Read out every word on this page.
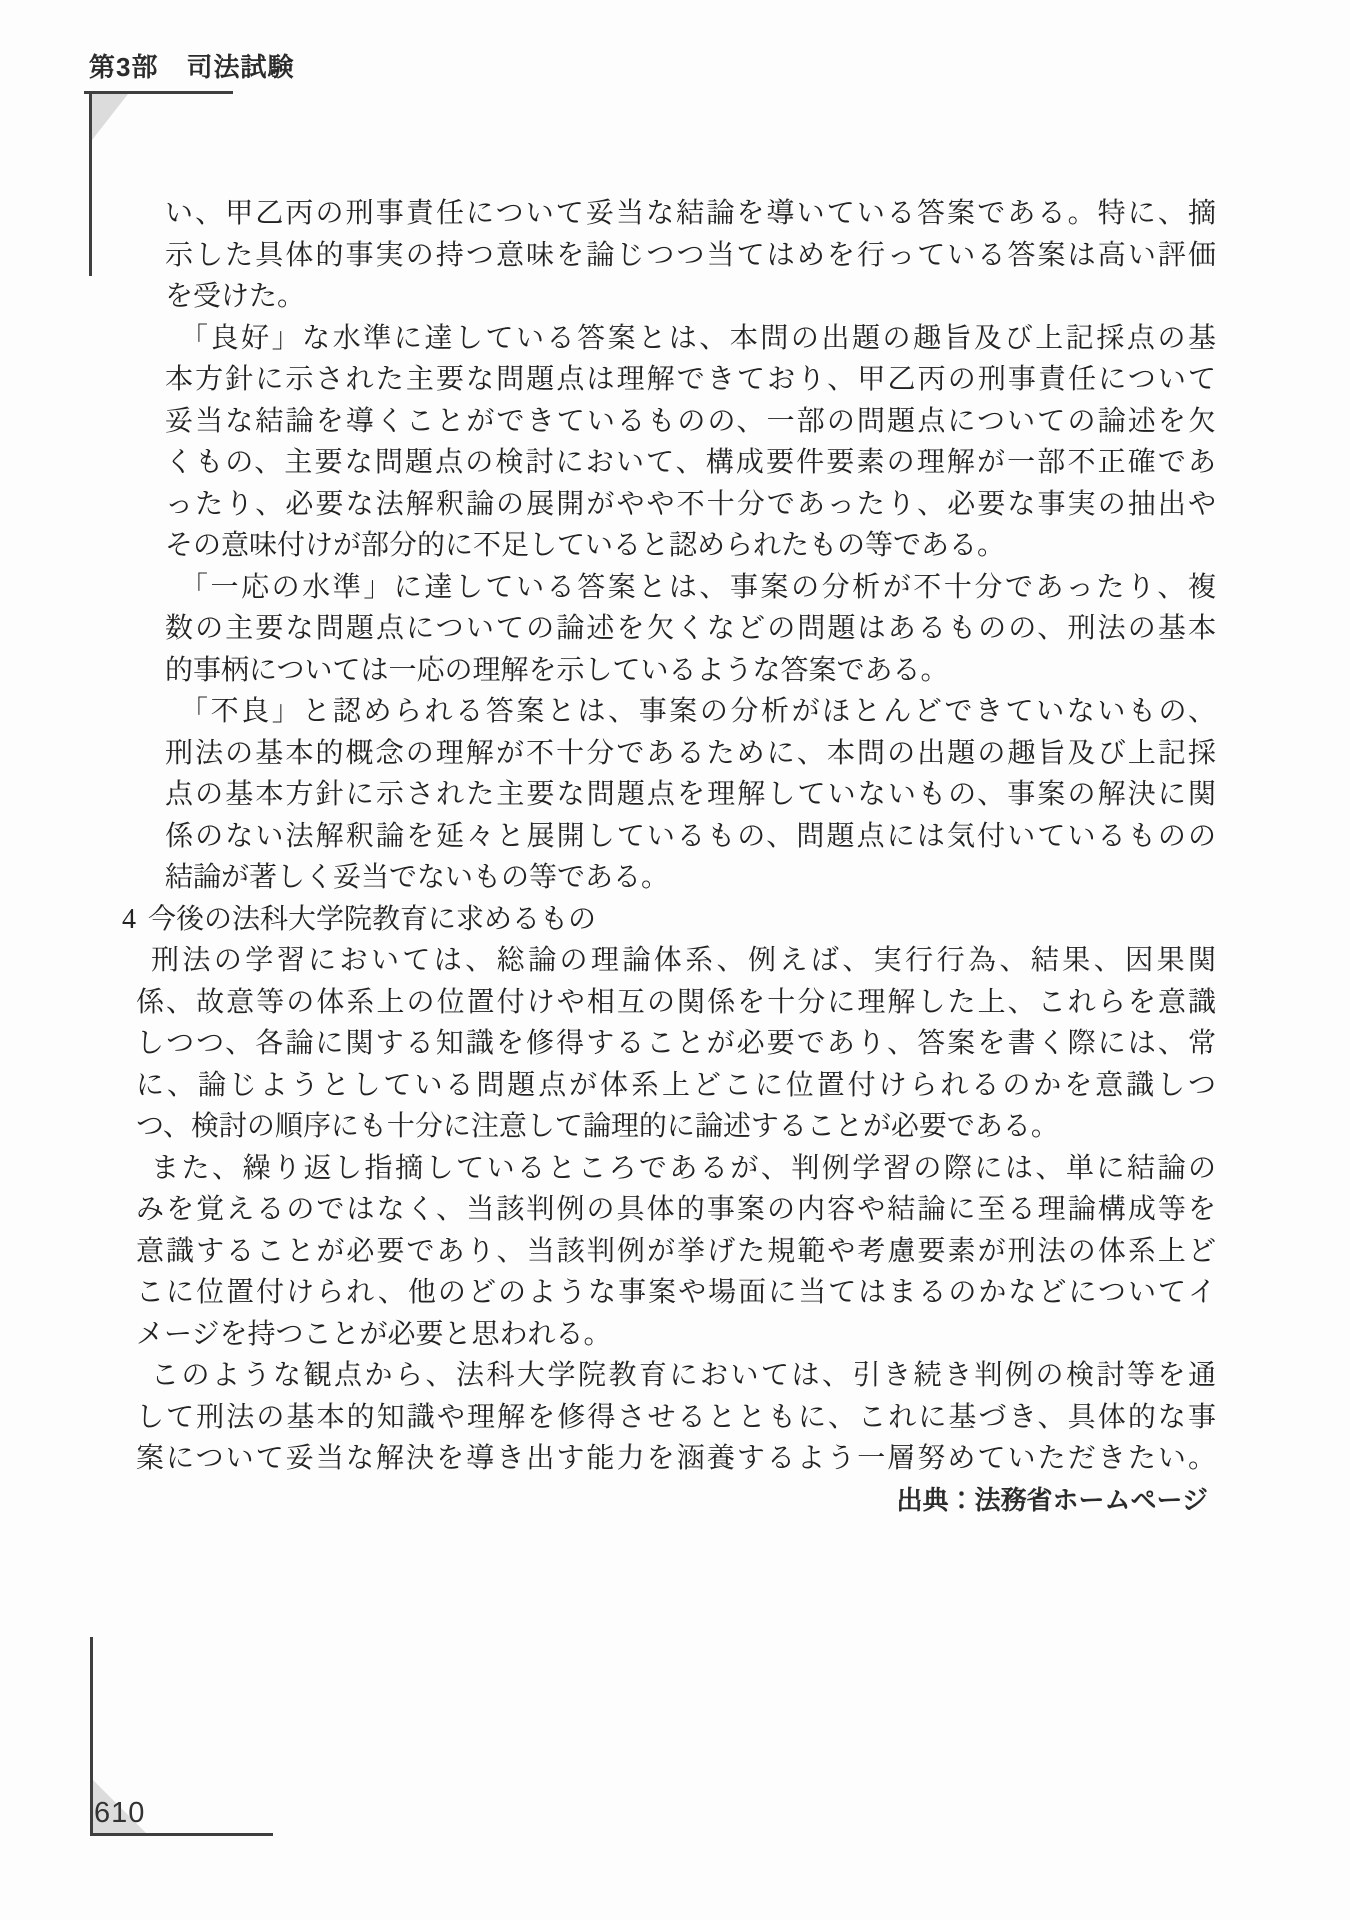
第3部 司法試験
い、甲乙丙の刑事責任について妥当な結論を導いている答案である。特に、摘
示した具体的事実の持つ意味を論じつつ当てはめを行っている答案は高い評価
を受けた。
「良好」な水準に達している答案とは、本問の出題の趣旨及び上記採点の基
本方針に示された主要な問題点は理解できており、甲乙丙の刑事責任について
妥当な結論を導くことができているものの、一部の問題点についての論述を欠
くもの、主要な問題点の検討において、構成要件要素の理解が一部不正確であ
ったり、必要な法解釈論の展開がやや不十分であったり、必要な事実の抽出や
その意味付けが部分的に不足していると認められたもの等である。
「一応の水準」に達している答案とは、事案の分析が不十分であったり、複
数の主要な問題点についての論述を欠くなどの問題はあるものの、刑法の基本
的事柄については一応の理解を示しているような答案である。
「不良」と認められる答案とは、事案の分析がほとんどできていないもの、
刑法の基本的概念の理解が不十分であるために、本問の出題の趣旨及び上記採
点の基本方針に示された主要な問題点を理解していないもの、事案の解決に関
係のない法解釈論を延々と展開しているもの、問題点には気付いているものの
結論が著しく妥当でないもの等である。
4 今後の法科大学院教育に求めるもの
刑法の学習においては、総論の理論体系、例えば、実行行為、結果、因果関
係、故意等の体系上の位置付けや相互の関係を十分に理解した上、これらを意識
しつつ、各論に関する知識を修得することが必要であり、答案を書く際には、常
に、論じようとしている問題点が体系上どこに位置付けられるのかを意識しつ
つ、検討の順序にも十分に注意して論理的に論述することが必要である。
また、繰り返し指摘しているところであるが、判例学習の際には、単に結論の
みを覚えるのではなく、当該判例の具体的事案の内容や結論に至る理論構成等を
意識することが必要であり、当該判例が挙げた規範や考慮要素が刑法の体系上ど
こに位置付けられ、他のどのような事案や場面に当てはまるのかなどについてイ
メージを持つことが必要と思われる。
このような観点から、法科大学院教育においては、引き続き判例の検討等を通
して刑法の基本的知識や理解を修得させるとともに、これに基づき、具体的な事
案について妥当な解決を導き出す能力を涵養するよう一層努めていただきたい。
出典：法務省ホームページ
610
